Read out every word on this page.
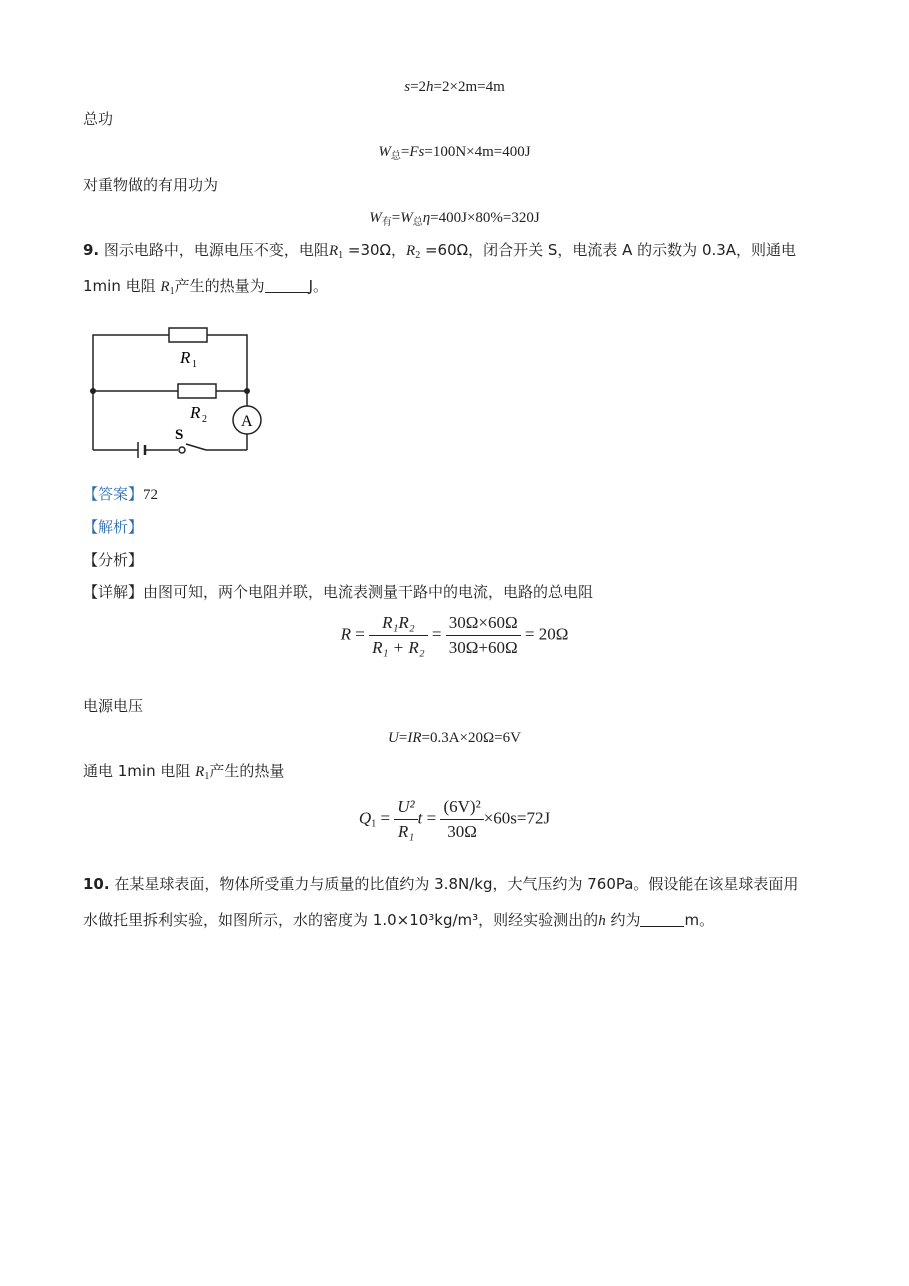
s=2h=2×2m=4m
总功
$W_总=Fs=100N\times 4m=400J$
对重物做的有用功为
$W_有=W_总\eta=400J\times 80\%=320J$
9. 图示电路中，电源电压不变，电阻$R_1 =30\Omega$，$R_2 =60\Omega$，闭合开关 S，电流表 A 的示数为 0.3A，则通电
1min 电阻 $R_1$产生的热量为	J。
R 1
R 2 A
S
【答案】72
【解析】
【分析】
【详解】由图可知，两个电阻并联，电流表测量干路中的电流，电路的总电阻
$R = \frac{\text{R₁R₂}}{\text{R₁ + R₂}} = \frac{30\Omega\times 60\Omega}{30\Omega+60\Omega} = 20\Omega$
电源电压
U=IR=0.3A×20Ω=6V
通电 1min 电阻 $R_1$产生的热量
$Q_1 = \frac{\text{U²}}{\text{R₁}}$ $t = \frac{\text{(6V)²}}{30\Omega} \times 60s=72J$
10. 在某星球表面，物体所受重力与质量的比值约为 3.8N/kg，大气压约为 760Pa。假设能在该星球表面用
水做托里拆利实验，如图所示，水的密度为 1.0×10³kg/m³，则经实验测出的h 约为	m。
